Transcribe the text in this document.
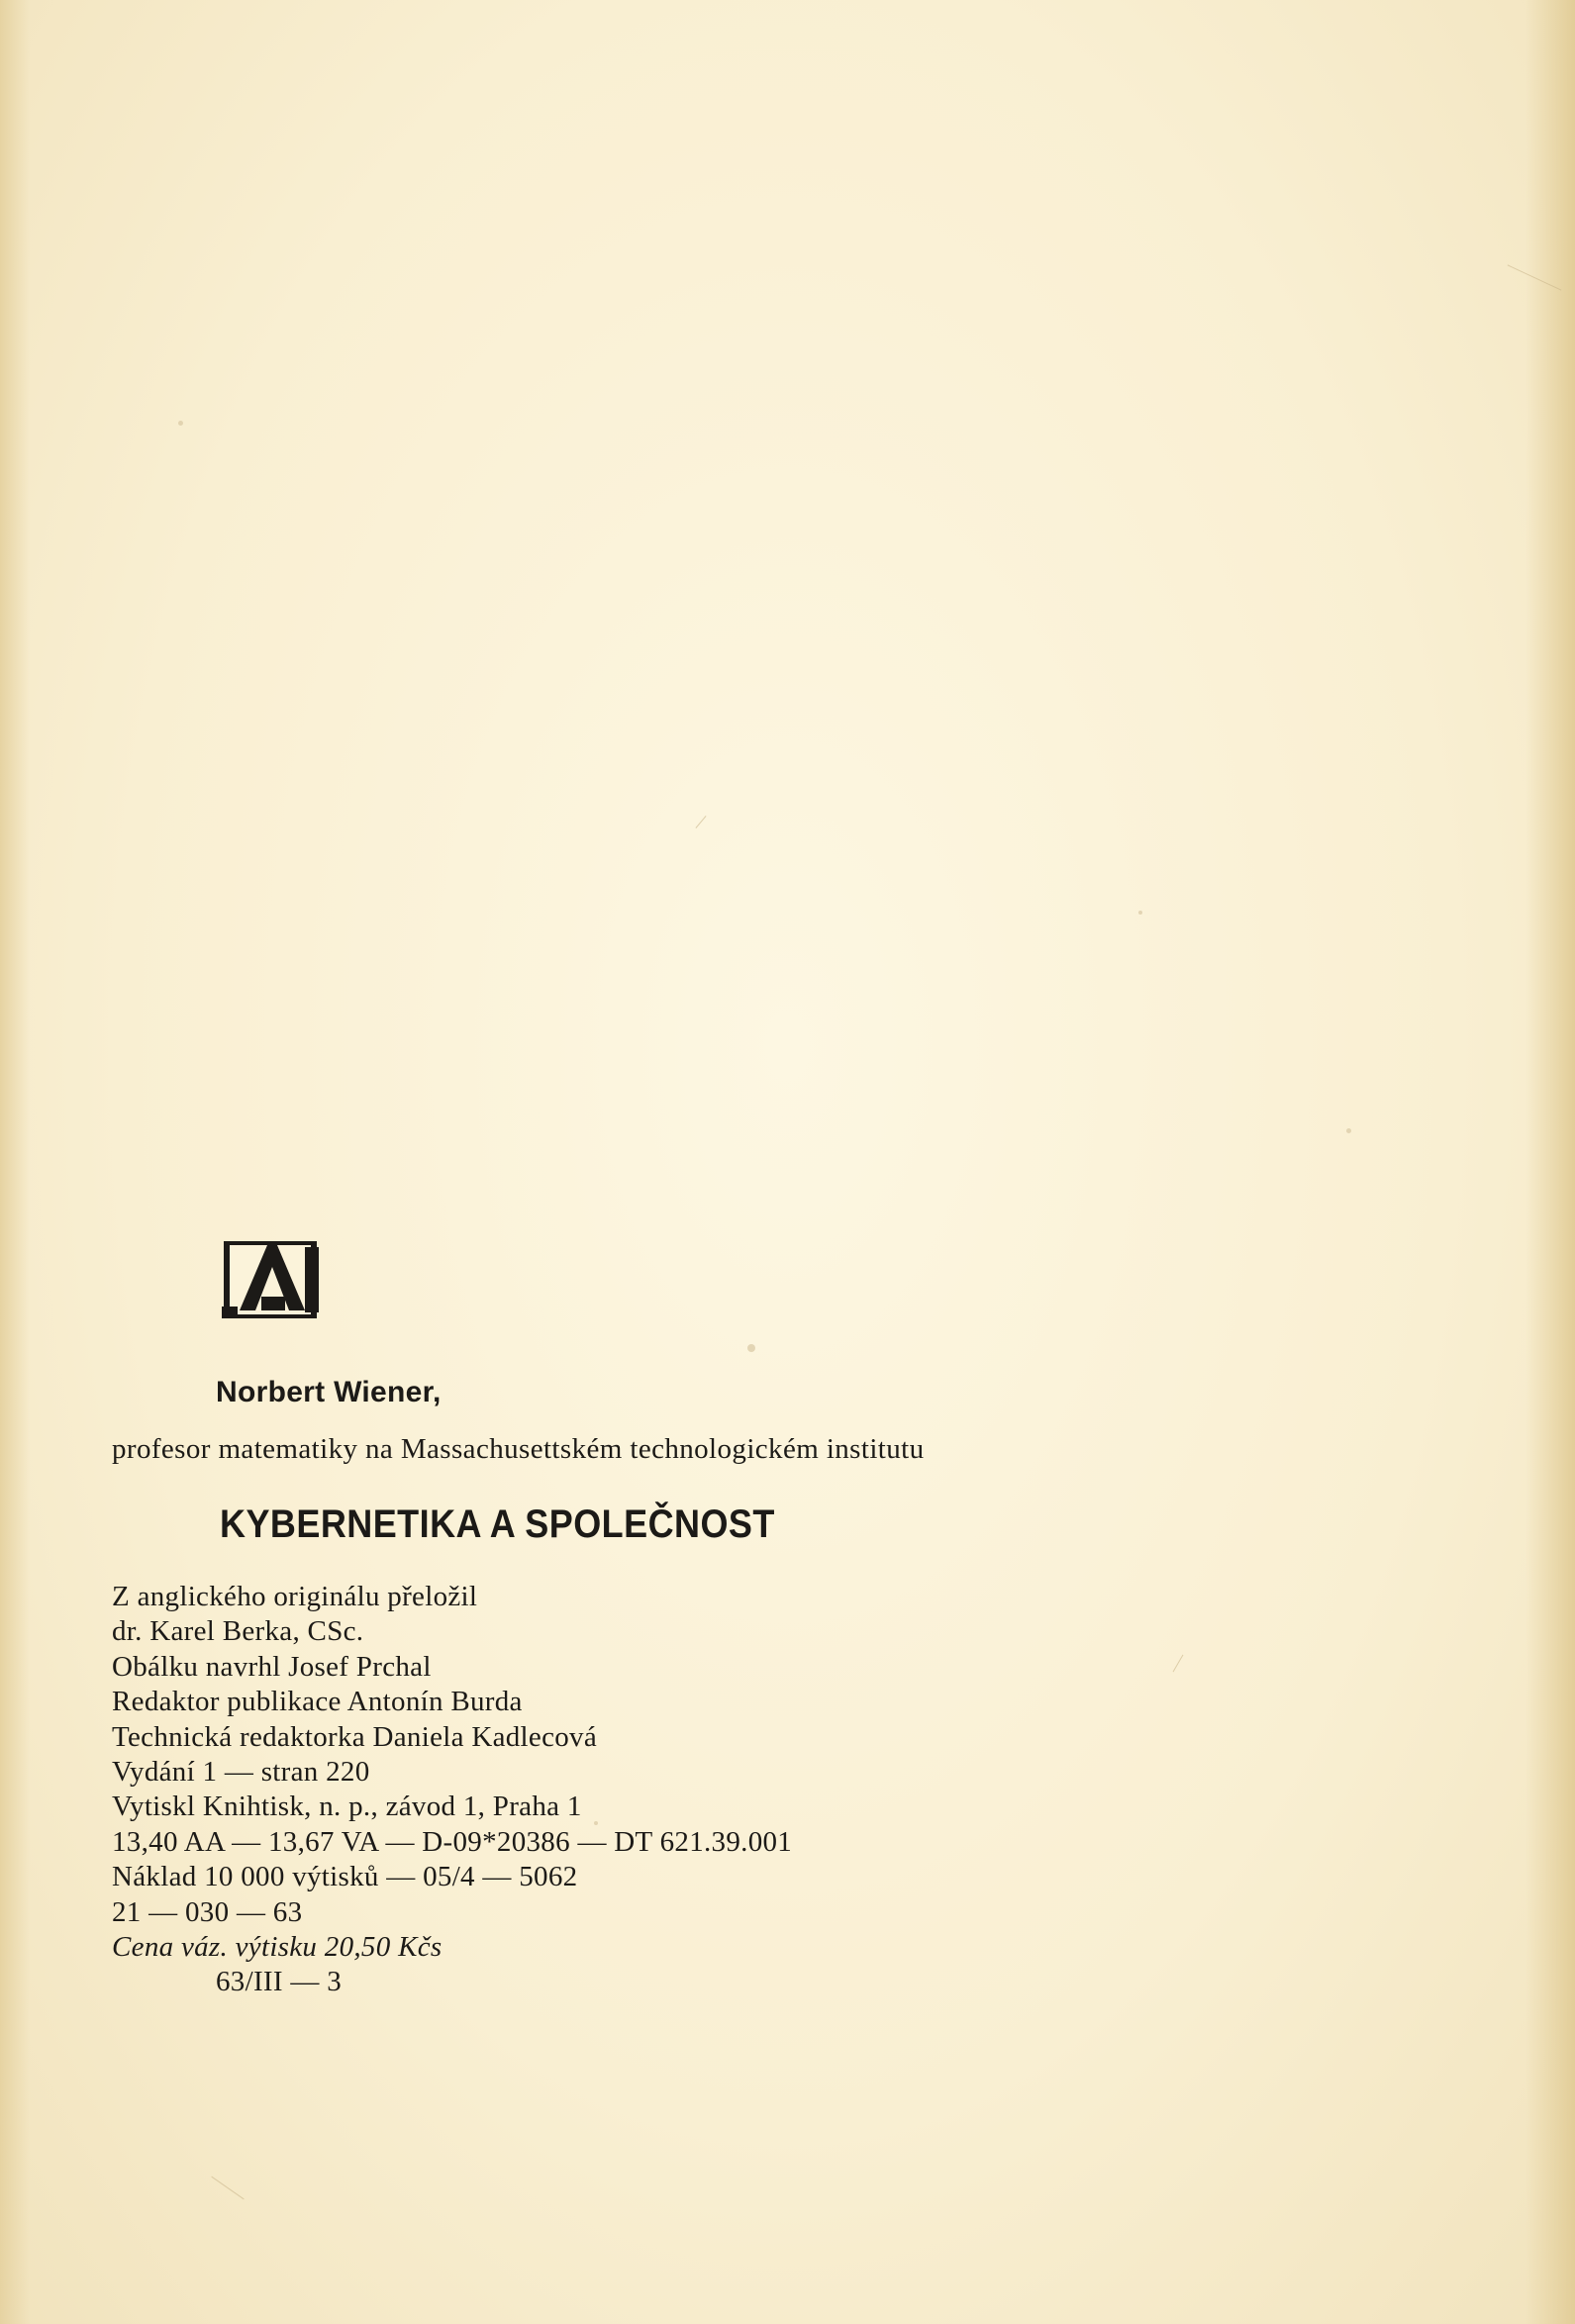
Norbert Wiener,
profesor matematiky na Massachusettském technologickém institutu
KYBERNETIKA A SPOLEČNOST
Z anglického originálu přeložil
dr. Karel Berka, CSc.
Obálku navrhl Josef Prchal
Redaktor publikace Antonín Burda
Technická redaktorka Daniela Kadlecová
Vydání 1 — stran 220
Vytiskl Knihtisk, n. p., závod 1, Praha 1
13,40 AA — 13,67 VA — D-09*20386 — DT 621.39.001
Náklad 10 000 výtisků — 05/4 — 5062
21 — 030 — 63
Cena váz. výtisku 20,50 Kčs
63/III — 3
